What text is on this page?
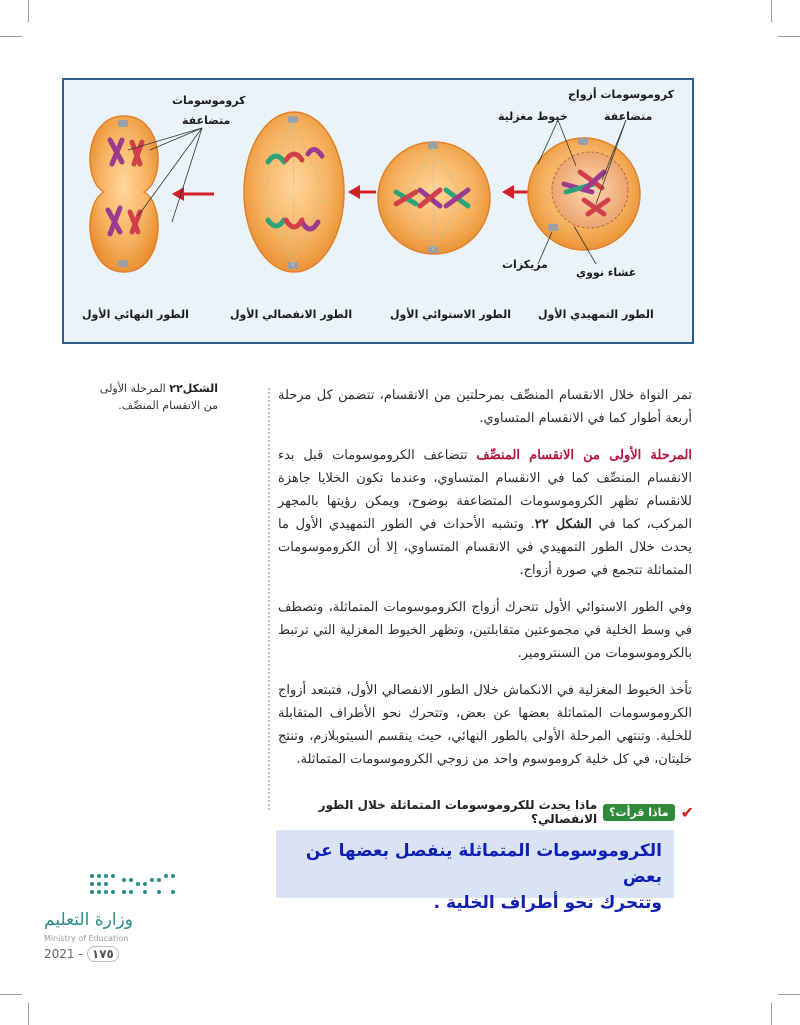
كروموسومات
متضاعفة
كروموسومات أزواج
خيوط مغزلية	متضاعفة
مريكزات
غشاء نووي
الطور النهائي الأول	الطور الانفصالي الأول	الطور الاستوائي الأول الطور التمهيدي الأول
الشكل٢٢ المرحلة الأولى من الانقسام المنصِّف.

تمر النواة خلال الانقسام المنصِّف بمرحلتين من الانقسام، تتضمن كل مرحلة أربعة أطوار كما في الانقسام المتساوي.

المرحلة الأولى من الانقسام المنصِّف تتضاعف الكروموسومات قبل بدء الانقسام المنصِّف كما في الانقسام المتساوي، وعندما تكون الخلايا جاهزة للانقسام تظهر الكروموسومات المتضاعفة بوضوح، ويمكن رؤيتها بالمجهر المركب، كما في الشكل ٢٢. وتشبه الأحداث في الطور التمهيدي الأول ما يحدث خلال الطور التمهيدي في الانقسام المتساوي، إلا أن الكروموسومات المتماثلة تتجمع في صورة أزواج.

وفي الطور الاستوائي الأول تتحرك أزواج الكروموسومات المتماثلة، وتصطف في وسط الخلية في مجموعتين متقابلتين، وتظهر الخيوط المغزلية التي ترتبط بالكروموسومات من السنترومير.

تأخذ الخيوط المغزلية في الانكماش خلال الطور الانفصالي الأول، فتبتعد أزواج الكروموسومات المتماثلة بعضها عن بعض، وتتحرك نحو الأطراف المتقابلة للخلية. وتنتهي المرحلة الأولى بالطور النهائي، حيث ينقسم السيتوبلازم، وتنتج خليتان، في كل خلية كروموسوم واحد من زوجي الكروموسومات المتماثلة.

✔
ماذا قرأت؟
ماذا يحدث للكروموسومات المتماثلة خلال الطور الانفصالي؟
الكروموسومات المتماثلة ينفصل بعضها عن بعض
وتتحرك نحو أطراف الخلية .
وزارة التعليم
Ministry of Education
2021 - ١٧٥
